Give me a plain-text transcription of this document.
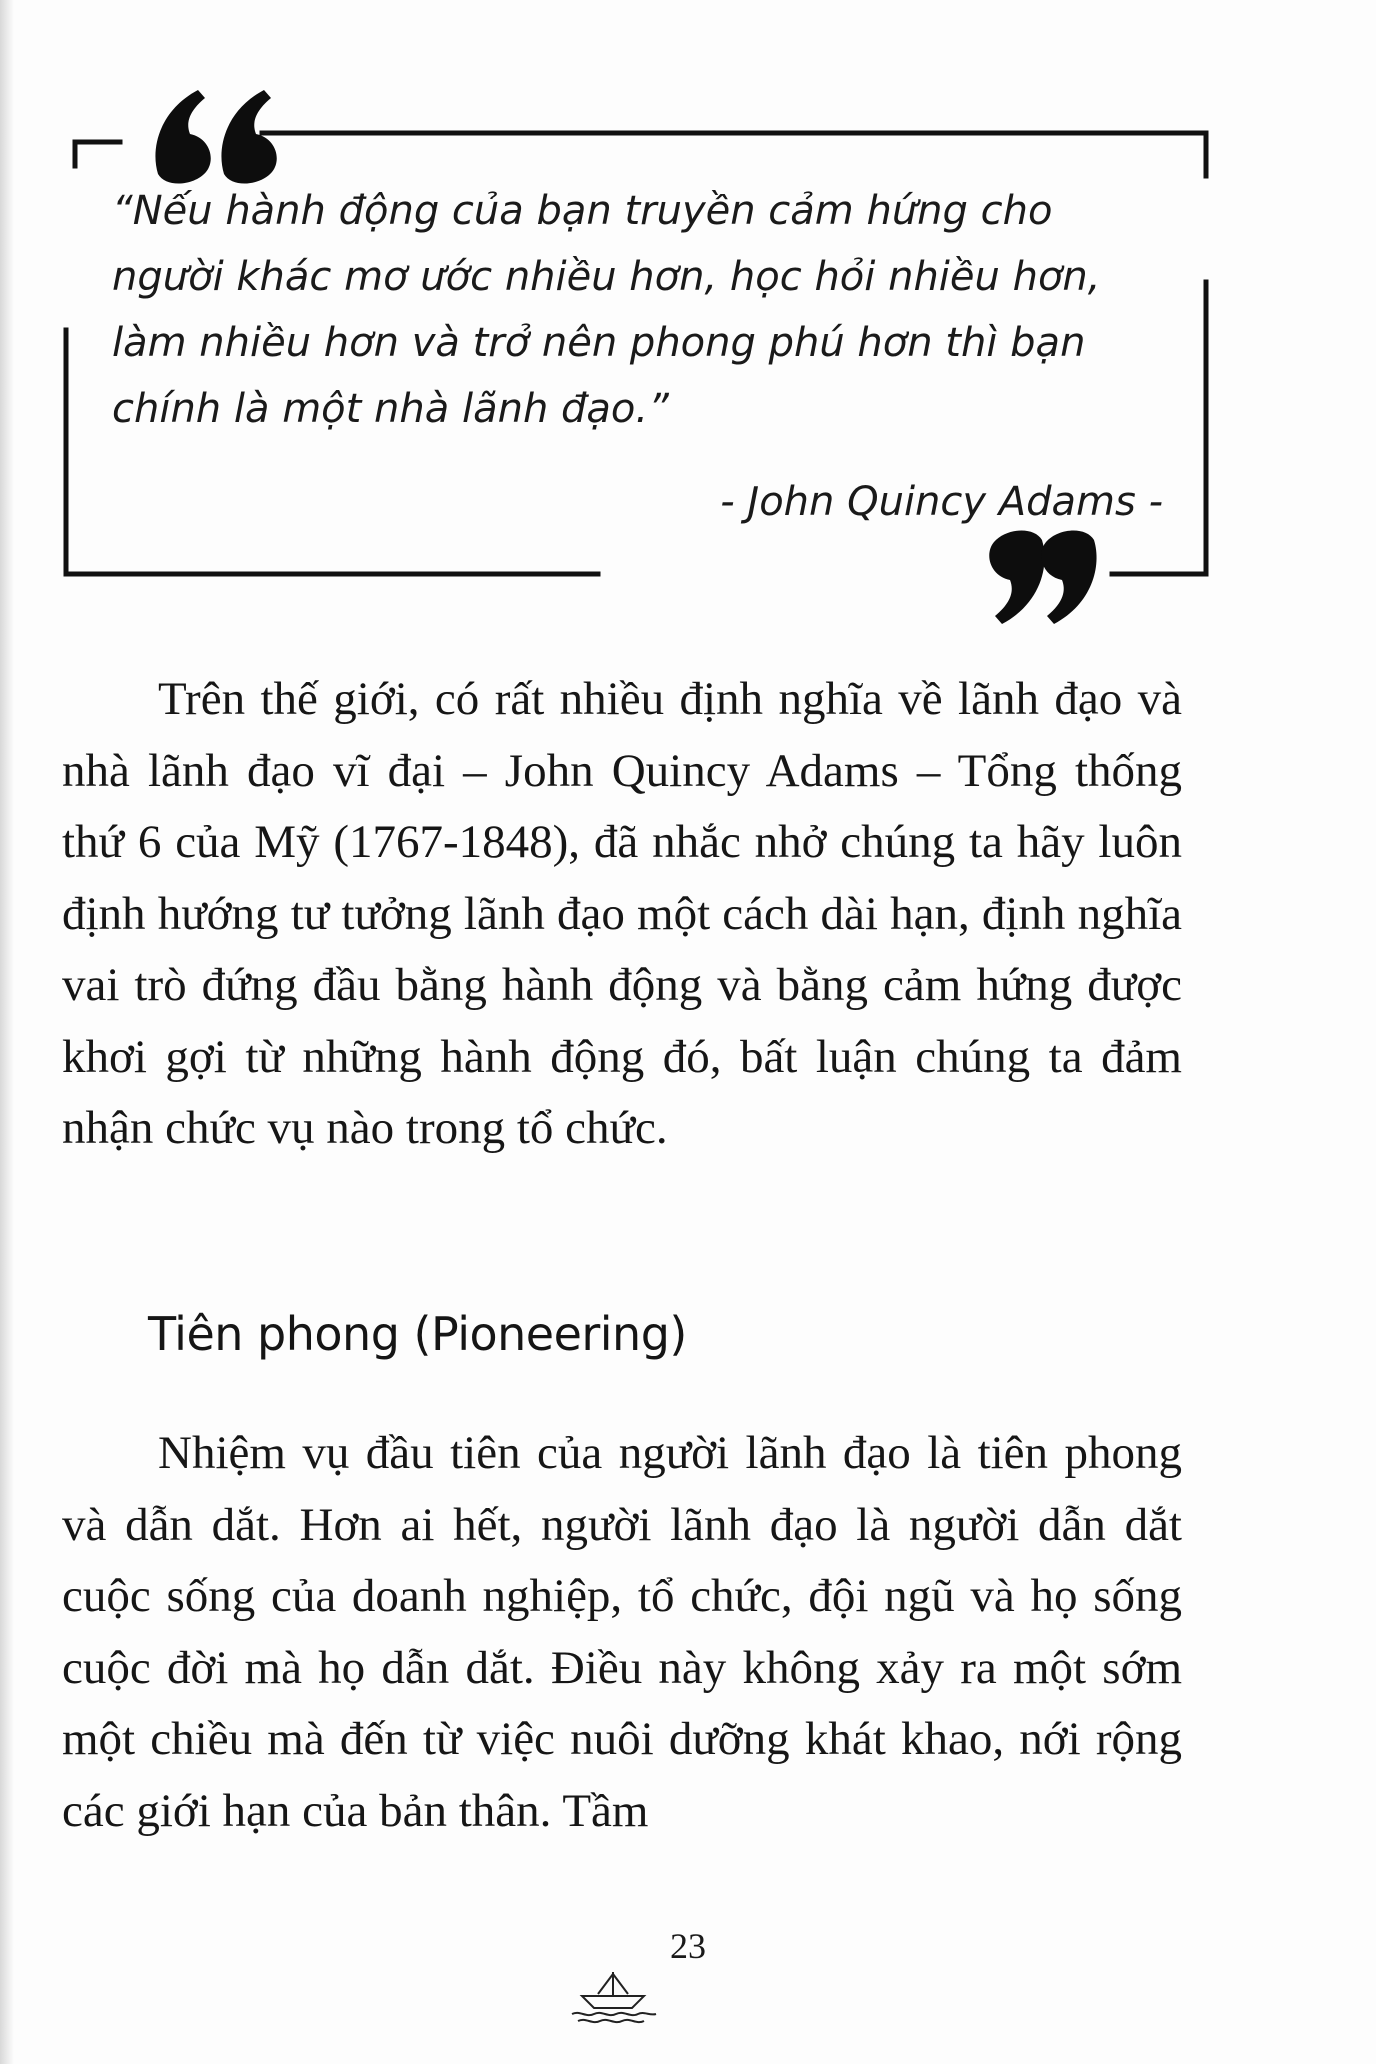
“Nếu hành động của bạn truyền cảm hứng cho người khác mơ ước nhiều hơn, học hỏi nhiều hơn, làm nhiều hơn và trở nên phong phú hơn thì bạn chính là một nhà lãnh đạo.”

- John Quincy Adams -

Trên thế giới, có rất nhiều định nghĩa về lãnh đạo và nhà lãnh đạo vĩ đại – John Quincy Adams – Tổng thống thứ 6 của Mỹ (1767-1848), đã nhắc nhở chúng ta hãy luôn định hướng tư tưởng lãnh đạo một cách dài hạn, định nghĩa vai trò đứng đầu bằng hành động và bằng cảm hứng được khơi gợi từ những hành động đó, bất luận chúng ta đảm nhận chức vụ nào trong tổ chức.

Tiên phong (Pioneering)

Nhiệm vụ đầu tiên của người lãnh đạo là tiên phong và dẫn dắt. Hơn ai hết, người lãnh đạo là người dẫn dắt cuộc sống của doanh nghiệp, tổ chức, đội ngũ và họ sống cuộc đời mà họ dẫn dắt. Điều này không xảy ra một sớm một chiều mà đến từ việc nuôi dưỡng khát khao, nới rộng các giới hạn của bản thân. Tầm

23
